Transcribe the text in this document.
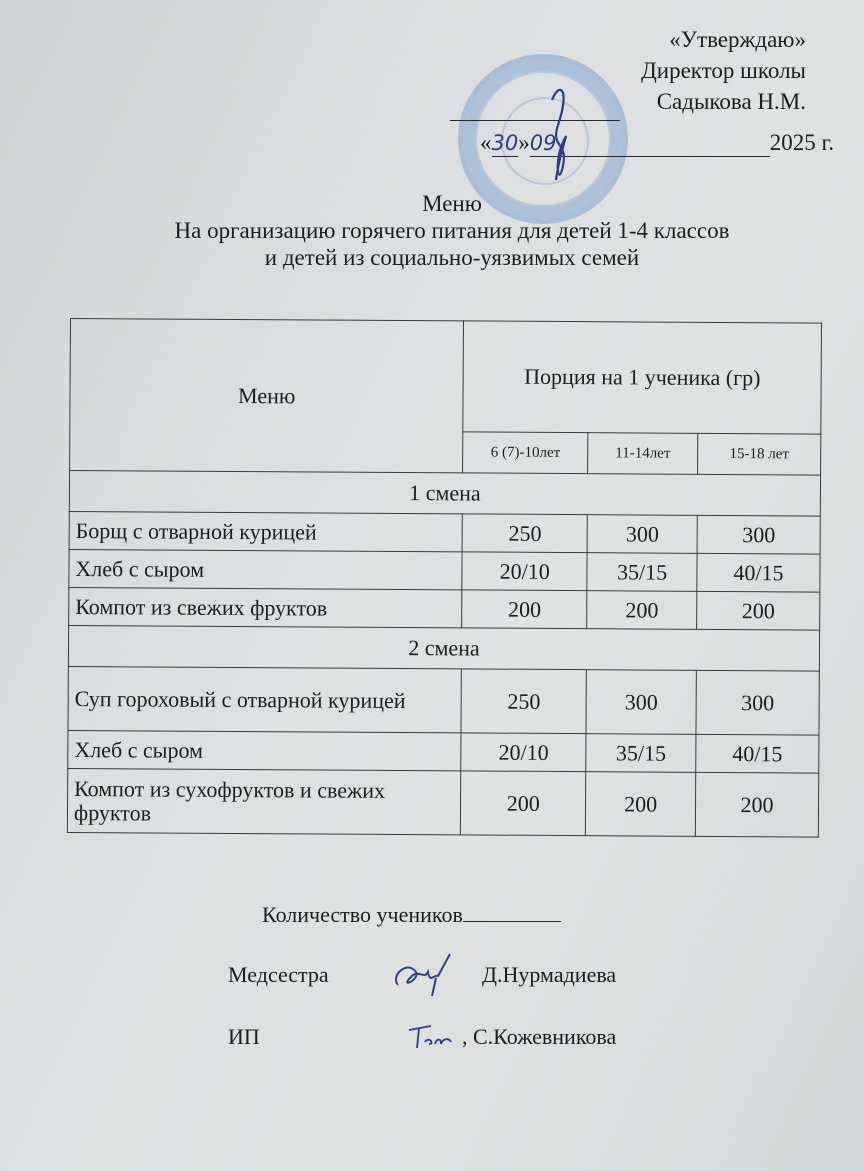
«Утверждаю»
Директор школы
Садыкова Н.М.
«30»09	2025 г.
Меню
На организацию горячего питания для детей 1-4 классов
и детей из социально-уязвимых семей
Меню	Порция на 1 ученика (гр)		
	6 (7)-10лет	11-14лет	15-18 лет
1 смена			
Борщ с отварной курицей	250	300	300
Хлеб с сыром	20/10	35/15	40/15
Компот из свежих фруктов	200	200	200
2 смена			
Суп гороховый с отварной курицей	250	300	300
Хлеб с сыром	20/10	35/15	40/15
Компот из сухофруктов и свежих фруктов	200	200	200
Количество учеников
Медсестра	Д.Нурмадиева
ИП	, С.Кожевникова
